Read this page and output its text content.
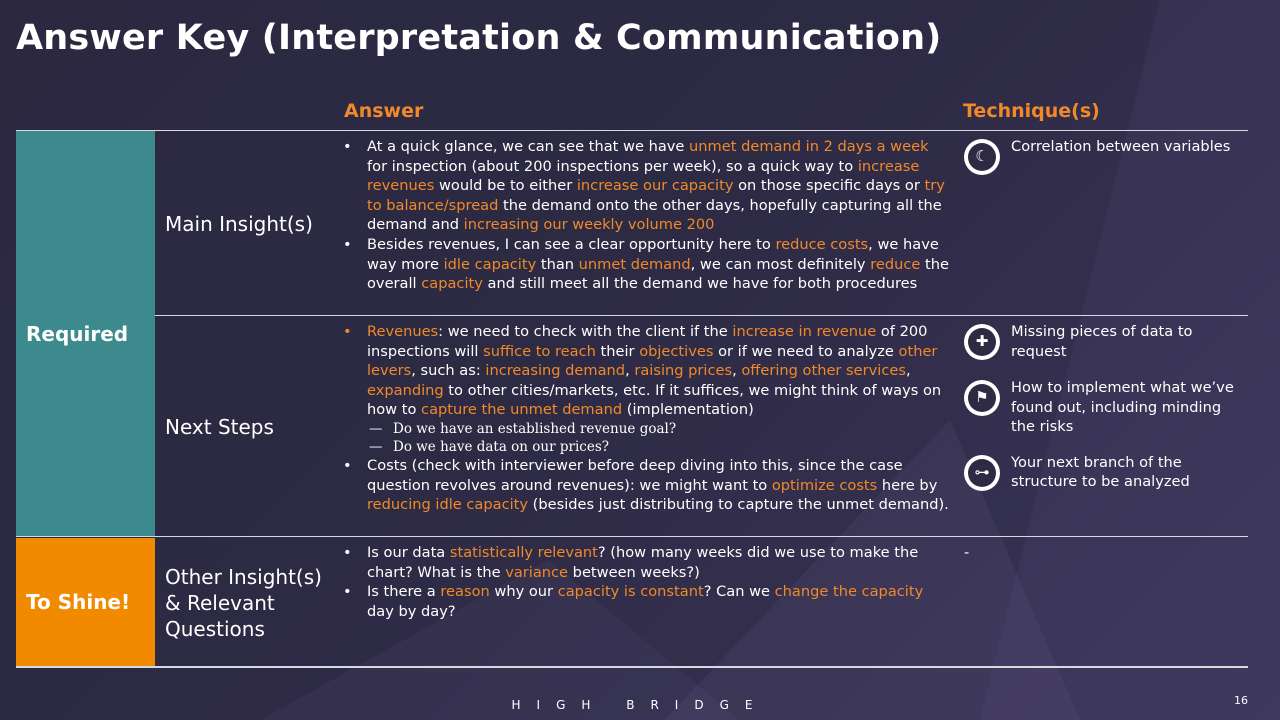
Answer Key (Interpretation & Communication)
Answer	Technique(s)
Required
To Shine!
Main Insight(s)
Next Steps
Other Insight(s) & Relevant Questions
• At a quick glance, we can see that we have unmet demand in 2 days a week for inspection (about 200 inspections per week), so a quick way to increase revenues would be to either increase our capacity on those specific days or try to balance/spread the demand onto the other days, hopefully capturing all the demand and increasing our weekly volume 200
• Besides revenues, I can see a clear opportunity here to reduce costs, we have way more idle capacity than unmet demand, we can most definitely reduce the overall capacity and still meet all the demand we have for both procedures
• Revenues: we need to check with the client if the increase in revenue of 200 inspections will suffice to reach their objectives or if we need to analyze other levers, such as: increasing demand, raising prices, offering other services, expanding to other cities/markets, etc. If it suffices, we might think of ways on how to capture the unmet demand (implementation)
— Do we have an established revenue goal?
— Do we have data on our prices?
• Costs (check with interviewer before deep diving into this, since the case question revolves around revenues): we might want to optimize costs here by reducing idle capacity (besides just distributing to capture the unmet demand).
• Is our data statistically relevant? (how many weeks did we use to make the chart? What is the variance between weeks?)
• Is there a reason why our capacity is constant? Can we change the capacity day by day?
☾
Correlation between variables
✚
Missing pieces of data to request
⚑
How to implement what we’ve found out, including minding the risks
⊶
Your next branch of the structure to be analyzed
-
HIGH BRIDGE	16
